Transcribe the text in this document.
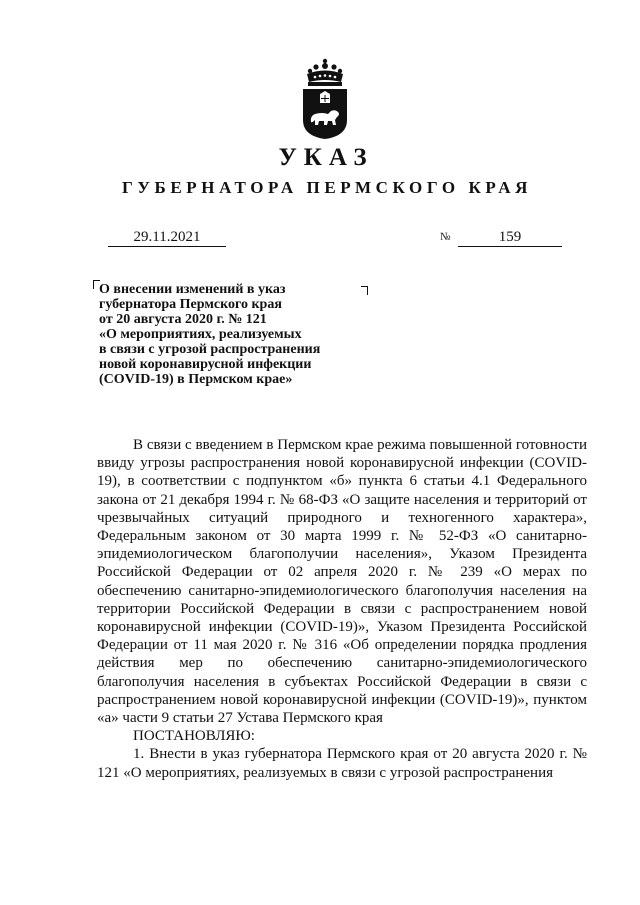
УКАЗ
ГУБЕРНАТОРА ПЕРМСКОГО КРАЯ
29.11.2021	№	159
О внесении изменений в указ
губернатора Пермского края
от 20 августа 2020 г. № 121
«О мероприятиях, реализуемых
в связи с угрозой распространения
новой коронавирусной инфекции
(COVID-19) в Пермском крае»

В связи с введением в Пермском крае режима повышенной готовности ввиду угрозы распространения новой коронавирусной инфекции (COVID-19), в соответствии с подпунктом «б» пункта 6 статьи 4.1 Федерального закона от 21 декабря 1994 г. № 68-ФЗ «О защите населения и территорий от чрезвычайных ситуаций природного и техногенного характера», Федеральным законом от 30 марта 1999 г. № 52-ФЗ «О санитарно-эпидемиологическом благополучии населения», Указом Президента Российской Федерации от 02 апреля 2020 г. № 239 «О мерах по обеспечению санитарно-эпидемиологического благополучия населения на территории Российской Федерации в связи с распространением новой коронавирусной инфекции (COVID-19)», Указом Президента Российской Федерации от 11 мая 2020 г. № 316 «Об определении порядка продления действия мер по обеспечению санитарно-эпидемиологического благополучия населения в субъектах Российской Федерации в связи с распространением новой коронавирусной инфекции (COVID-19)», пунктом «а» части 9 статьи 27 Устава Пермского края

ПОСТАНОВЛЯЮ:

1. Внести в указ губернатора Пермского края от 20 августа 2020 г. № 121 «О мероприятиях, реализуемых в связи с угрозой распространения
